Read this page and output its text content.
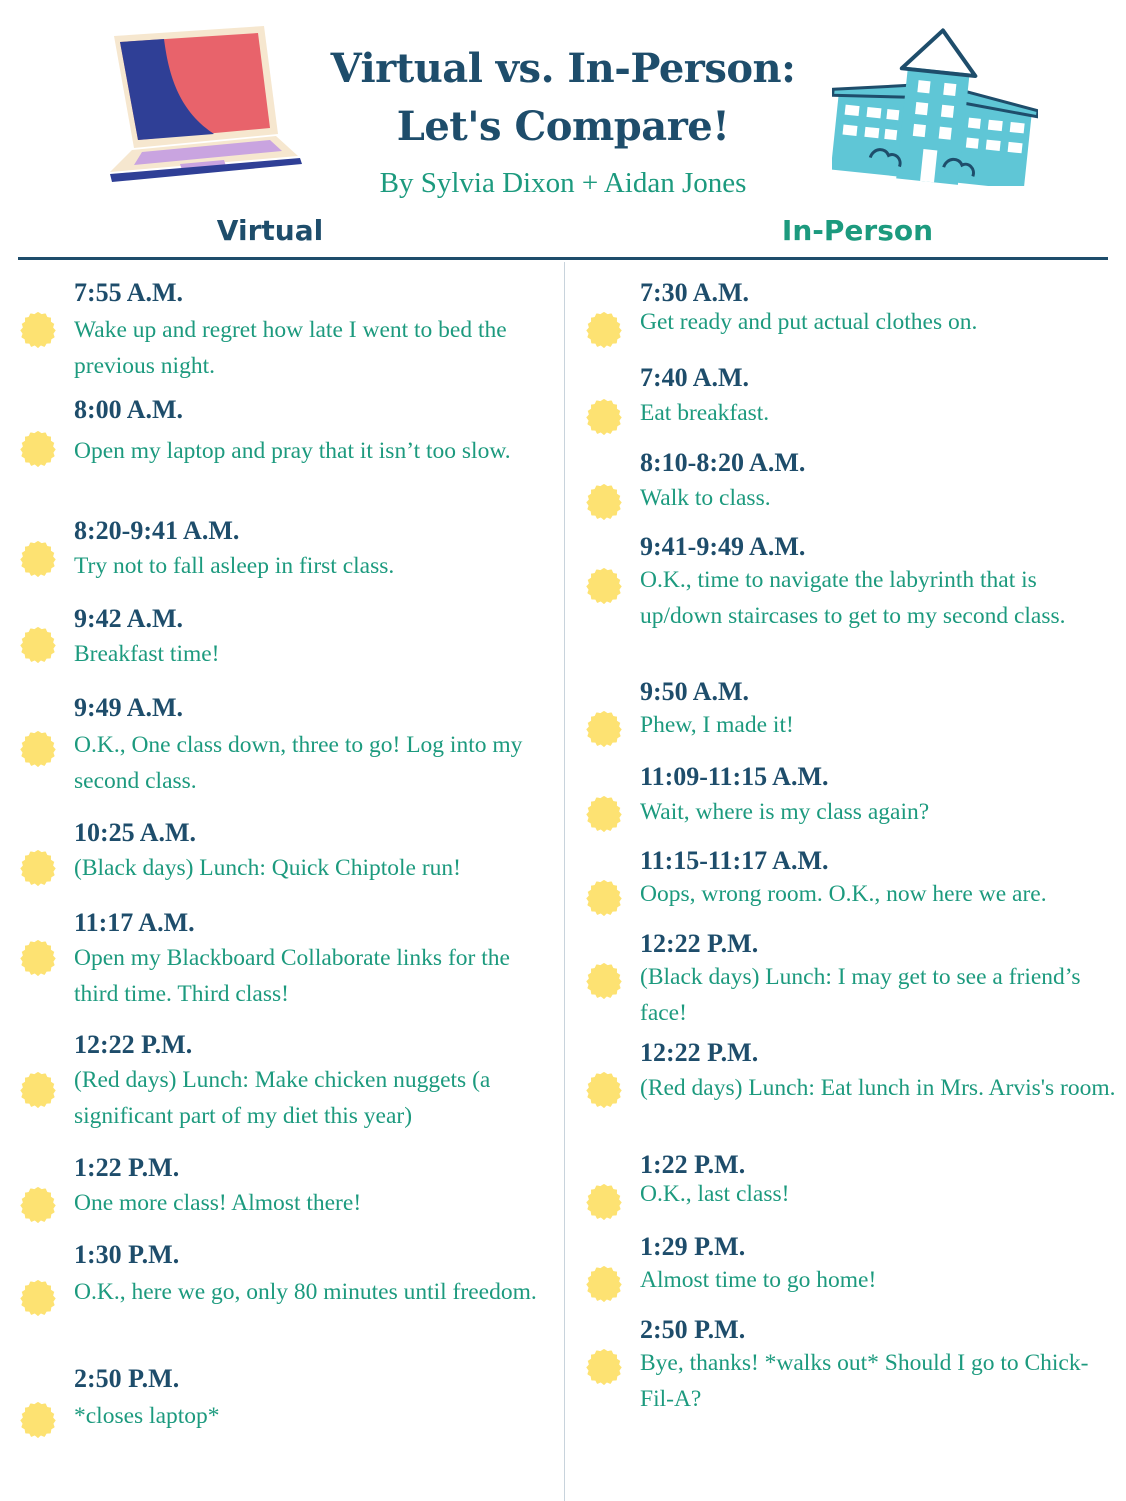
Virtual vs. In-Person:
Let's Compare!
By Sylvia Dixon + Aidan Jones
Virtual	In-Person
7:55 A.M.
Wake up and regret how late I went to bed the previous night.
8:00 A.M.
Open my laptop and pray that it isn’t too slow.
8:20-9:41 A.M.
Try not to fall asleep in first class.
9:42 A.M.
Breakfast time!
9:49 A.M.
O.K., One class down, three to go! Log into my second class.
10:25 A.M.
(Black days) Lunch: Quick Chiptole run!
11:17 A.M.
Open my Blackboard Collaborate links for the third time. Third class!
12:22 P.M.
(Red days) Lunch: Make chicken nuggets (a significant part of my diet this year)
1:22 P.M.
One more class! Almost there!
1:30 P.M.
O.K., here we go, only 80 minutes until freedom.
2:50 P.M.
*closes laptop*
7:30 A.M.
Get ready and put actual clothes on.
7:40 A.M.
Eat breakfast.
8:10-8:20 A.M.
Walk to class.
9:41-9:49 A.M.
O.K., time to navigate the labyrinth that is up/down staircases to get to my second class.
9:50 A.M.
Phew, I made it!
11:09-11:15 A.M.
Wait, where is my class again?
11:15-11:17 A.M.
Oops, wrong room. O.K., now here we are.
12:22 P.M.
(Black days) Lunch: I may get to see a friend’s face!
12:22 P.M.
(Red days) Lunch: Eat lunch in Mrs. Arvis's room.
1:22 P.M.
O.K., last class!
1:29 P.M.
Almost time to go home!
2:50 P.M.
Bye, thanks! *walks out* Should I go to Chick-Fil-A?
